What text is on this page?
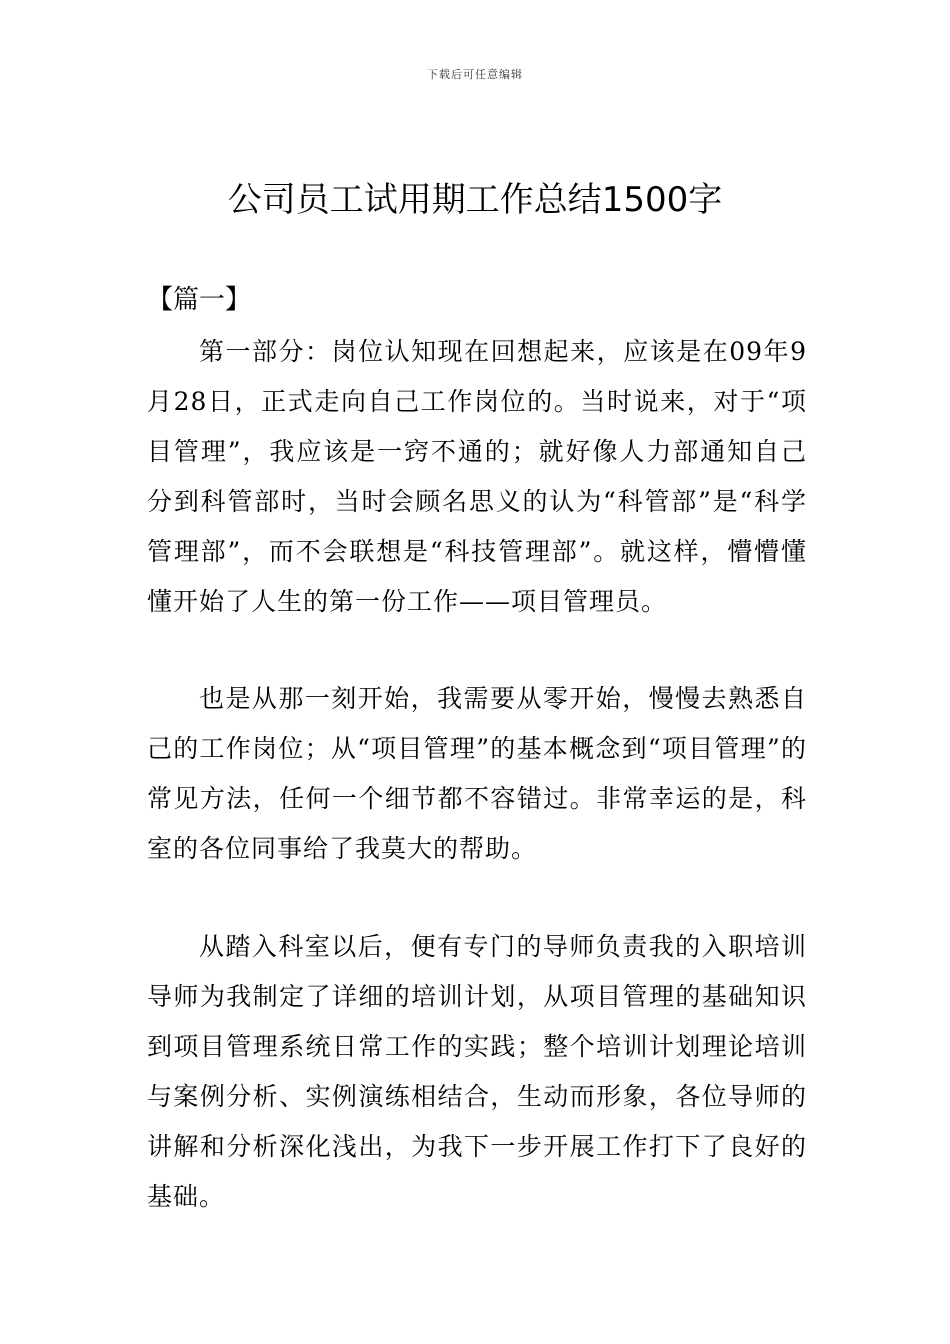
下载后可任意编辑
公司员工试用期工作总结1500字
【篇一】

第一部分：岗位认知现在回想起来，应该是在09年9月28日，正式走向自己工作岗位的。当时说来，对于“项目管理”，我应该是一窍不通的；就好像人力部通知自己分到科管部时，当时会顾名思义的认为“科管部”是“科学管理部”，而不会联想是“科技管理部”。就这样，懵懵懂懂开始了人生的第一份工作——项目管理员。

也是从那一刻开始，我需要从零开始，慢慢去熟悉自己的工作岗位；从“项目管理”的基本概念到“项目管理”的常见方法，任何一个细节都不容错过。非常幸运的是，科室的各位同事给了我莫大的帮助。

从踏入科室以后，便有专门的导师负责我的入职培训导师为我制定了详细的培训计划，从项目管理的基础知识到项目管理系统日常工作的实践；整个培训计划理论培训与案例分析、实例演练相结合，生动而形象，各位导师的讲解和分析深化浅出，为我下一步开展工作打下了良好的基础。
